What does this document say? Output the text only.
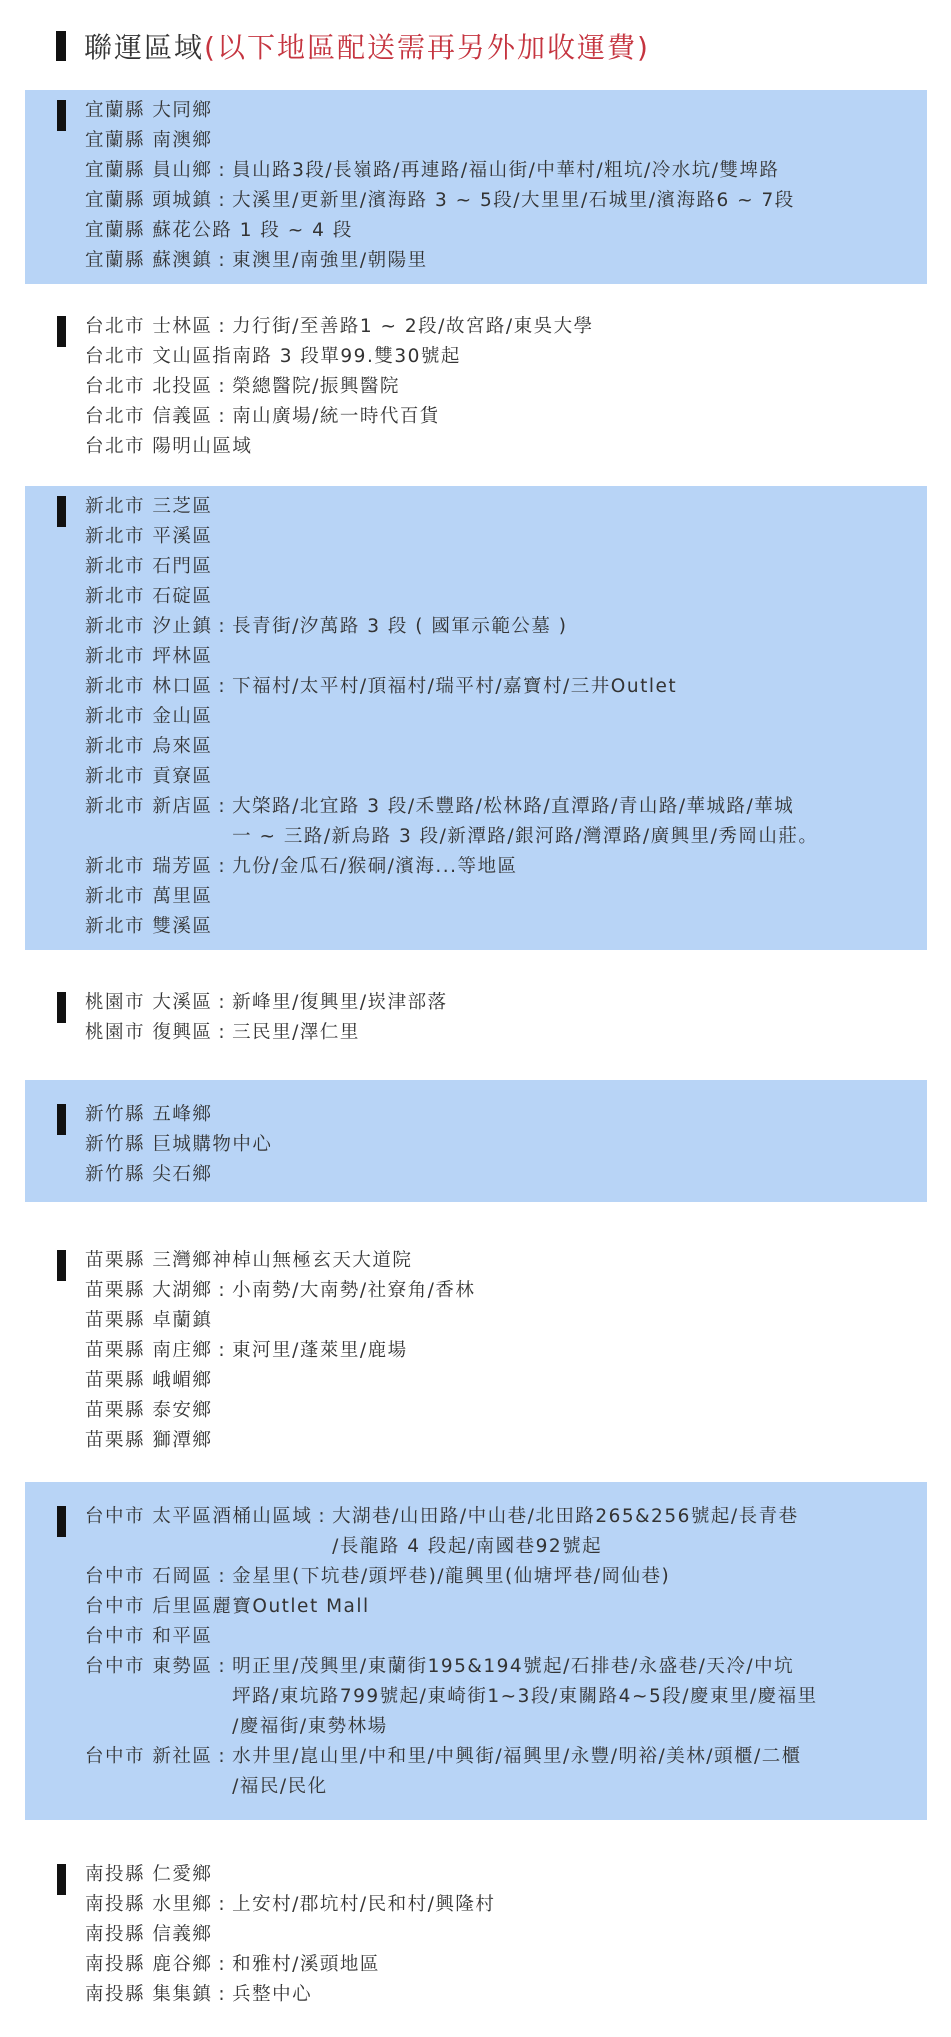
聯運區域 (以下地區配送需再另外加收運費)
宜蘭縣 大同鄉
宜蘭縣 南澳鄉
宜蘭縣 員山鄉 : 員山路3段/長嶺路/再連路/福山街/中華村/粗坑/冷水坑/雙埤路
宜蘭縣 頭城鎮 : 大溪里/更新里/濱海路 3 ~ 5段/大里里/石城里/濱海路6 ~ 7段
宜蘭縣 蘇花公路 1 段 ~ 4 段
宜蘭縣 蘇澳鎮 : 東澳里/南強里/朝陽里
台北市 士林區 : 力行街/至善路1 ~ 2段/故宮路/東吳大學
台北市 文山區指南路 3 段單99.雙30號起
台北市 北投區 : 榮總醫院/振興醫院
台北市 信義區 : 南山廣場/統一時代百貨
台北市 陽明山區域
新北市 三芝區
新北市 平溪區
新北市 石門區
新北市 石碇區
新北市 汐止鎮 : 長青街/汐萬路 3 段 ( 國軍示範公墓 )
新北市 坪林區
新北市 林口區 : 下福村/太平村/頂福村/瑞平村/嘉寶村/三井Outlet
新北市 金山區
新北市 烏來區
新北市 貢寮區
新北市 新店區 : 大棨路/北宜路 3 段/禾豐路/松林路/直潭路/青山路/華城路/華城
一 ~ 三路/新烏路 3 段/新潭路/銀河路/灣潭路/廣興里/秀岡山莊。
新北市 瑞芳區 : 九份/金瓜石/猴硐/濱海...等地區
新北市 萬里區
新北市 雙溪區
桃園市 大溪區 : 新峰里/復興里/崁津部落
桃園市 復興區 : 三民里/澤仁里
新竹縣 五峰鄉
新竹縣 巨城購物中心
新竹縣 尖石鄉
苗栗縣 三灣鄉神棹山無極玄天大道院
苗栗縣 大湖鄉 : 小南勢/大南勢/社寮角/香林
苗栗縣 卓蘭鎮
苗栗縣 南庄鄉 : 東河里/蓬萊里/鹿場
苗栗縣 峨嵋鄉
苗栗縣 泰安鄉
苗栗縣 獅潭鄉
台中市 太平區酒桶山區域 : 大湖巷/山田路/中山巷/北田路265&256號起/長青巷
/長龍路 4 段起/南國巷92號起
台中市 石岡區 : 金星里(下坑巷/頭坪巷)/龍興里(仙塘坪巷/岡仙巷)
台中市 后里區麗寶Outlet Mall
台中市 和平區
台中市 東勢區 : 明正里/茂興里/東蘭街195&194號起/石排巷/永盛巷/天冷/中坑
坪路/東坑路799號起/東崎街1~3段/東關路4~5段/慶東里/慶福里
/慶福街/東勢林場
台中市 新社區 : 水井里/崑山里/中和里/中興街/福興里/永豐/明裕/美林/頭櫃/二櫃
/福民/民化
南投縣 仁愛鄉
南投縣 水里鄉 : 上安村/郡坑村/民和村/興隆村
南投縣 信義鄉
南投縣 鹿谷鄉 : 和雅村/溪頭地區
南投縣 集集鎮 : 兵整中心
